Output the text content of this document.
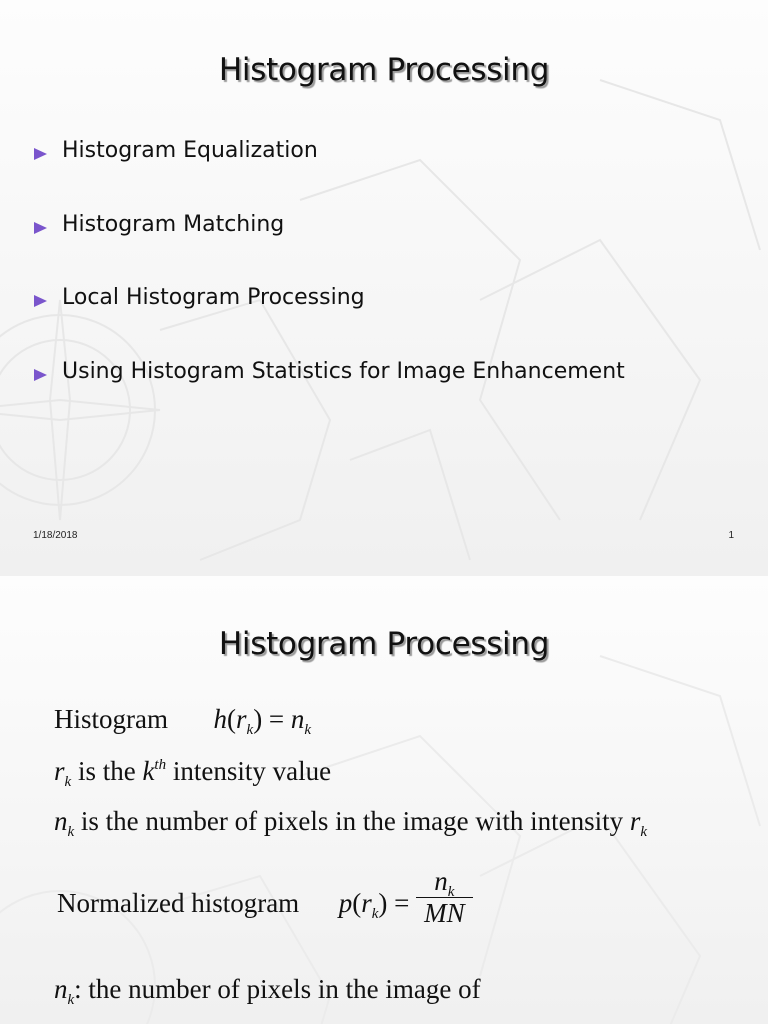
Histogram Processing
Histogram Equalization
Histogram Matching
Local Histogram Processing
Using Histogram Statistics for Image Enhancement
1/18/2018	1
Histogram Processing
Histogram $h(r_k) = n_k$
$r_k$ is the $k^{th}$ intensity value
$n_k$ is the number of pixels in the image with intensity $r_k$
Normalized histogram $p(r_k) = \frac{n_k}{MN}$
$n_k$: the number of pixels in the image of
